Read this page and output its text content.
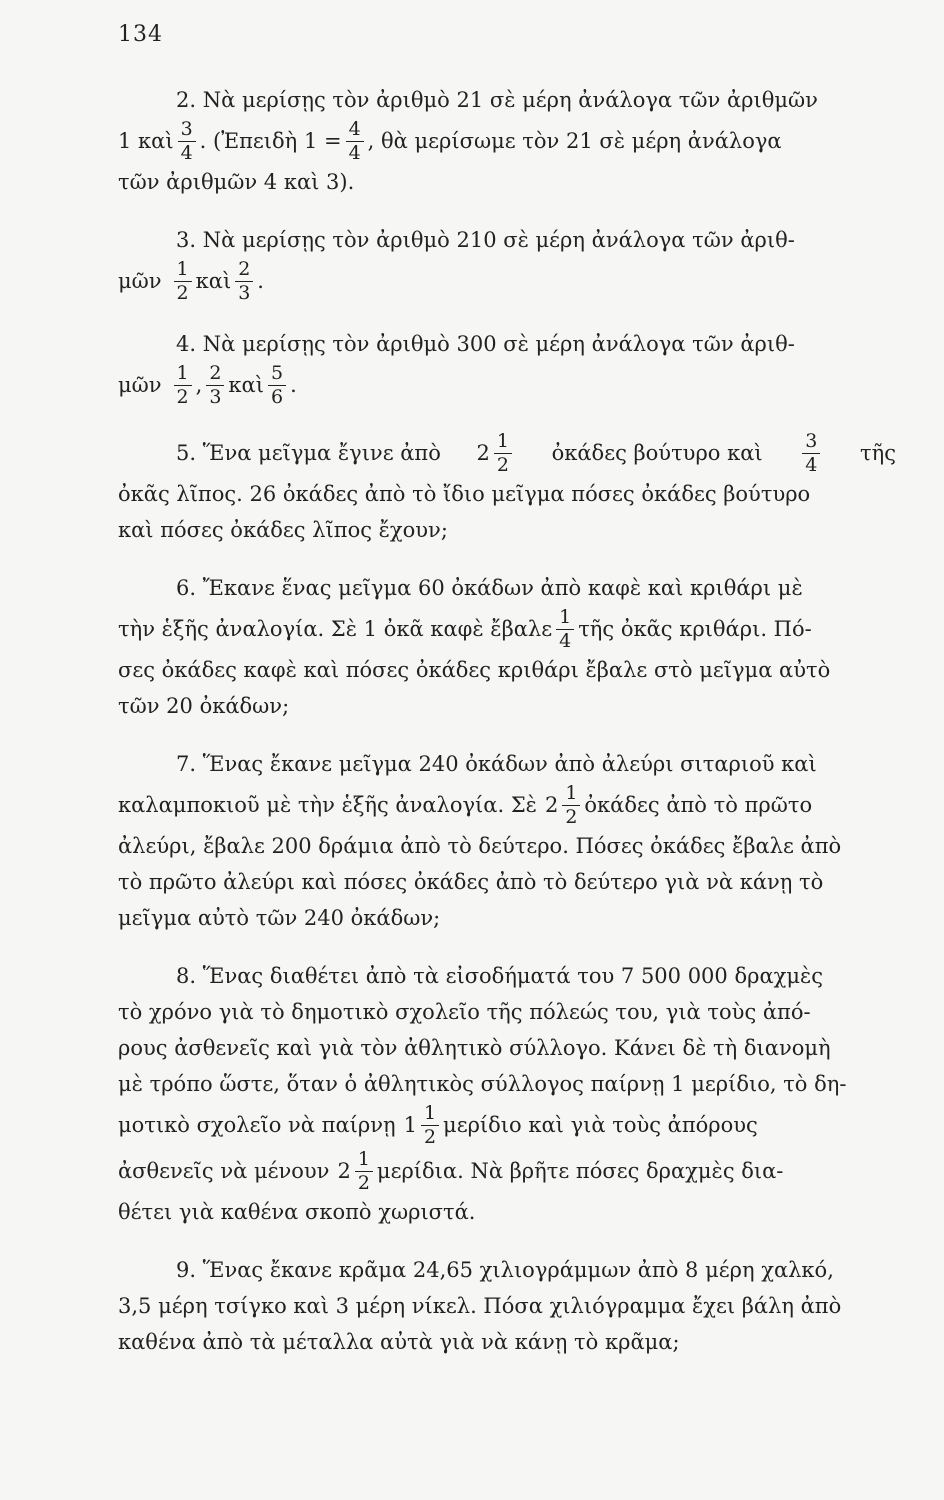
134
2. Νὰ μερίσῃς τὸν ἀριθμὸ 21 σὲ μέρη ἀνάλογα τῶν ἀριθμῶν
1 καὶ $\frac{3}{4}$ . (Ἐπειδὴ $1 = \frac{4}{4}$ , θὰ μερίσωμε τὸν 21 σὲ μέρη ἀνάλογα
τῶν ἀριθμῶν 4 καὶ 3).
3. Νὰ μερίσῃς τὸν ἀριθμὸ 210 σὲ μέρη ἀνάλογα τῶν ἀριθ-
μῶν $\frac{1}{2}$ καὶ $\frac{2}{3}$ .
4. Νὰ μερίσῃς τὸν ἀριθμὸ 300 σὲ μέρη ἀνάλογα τῶν ἀριθ-
μῶν $\frac{1}{2}$ , $\frac{2}{3}$ καὶ $\frac{5}{6}$ .
5. Ἕνα μεῖγμα ἔγινε ἀπὸ $2 \frac{1}{2}$ ὀκάδες βούτυρο καὶ $\frac{3}{4}$ τῆς
ὀκᾶς λῖπος. 26 ὀκάδες ἀπὸ τὸ ἴδιο μεῖγμα πόσες ὀκάδες βούτυρο
καὶ πόσες ὀκάδες λῖπος ἔχουν;
6. Ἔκανε ἕνας μεῖγμα 60 ὀκάδων ἀπὸ καφὲ καὶ κριθάρι μὲ
τὴν ἑξῆς ἀναλογία. Σὲ 1 ὀκᾶ καφὲ ἔβαλε $\frac{1}{4}$ τῆς ὀκᾶς κριθάρι. Πό-
σες ὀκάδες καφὲ καὶ πόσες ὀκάδες κριθάρι ἔβαλε στὸ μεῖγμα αὐτὸ
τῶν 20 ὀκάδων;
7. Ἕνας ἔκανε μεῖγμα 240 ὀκάδων ἀπὸ ἀλεύρι σιταριοῦ καὶ
καλαμποκιοῦ μὲ τὴν ἑξῆς ἀναλογία. Σὲ $2 \frac{1}{2}$ ὀκάδες ἀπὸ τὸ πρῶτο
ἀλεύρι, ἔβαλε 200 δράμια ἀπὸ τὸ δεύτερο. Πόσες ὀκάδες ἔβαλε ἀπὸ
τὸ πρῶτο ἀλεύρι καὶ πόσες ὀκάδες ἀπὸ τὸ δεύτερο γιὰ νὰ κάνῃ τὸ
μεῖγμα αὐτὸ τῶν 240 ὀκάδων;
8. Ἕνας διαθέτει ἀπὸ τὰ εἰσοδήματά του 7 500 000 δραχμὲς
τὸ χρόνο γιὰ τὸ δημοτικὸ σχολεῖο τῆς πόλεώς του, γιὰ τοὺς ἀπό-
ρους ἀσθενεῖς καὶ γιὰ τὸν ἀθλητικὸ σύλλογο. Κάνει δὲ τὴ διανομὴ
μὲ τρόπο ὥστε, ὅταν ὁ ἀθλητικὸς σύλλογος παίρνῃ 1 μερίδιο, τὸ δη-
μοτικὸ σχολεῖο νὰ παίρνῃ $1 \frac{1}{2}$ μερίδιο καὶ γιὰ τοὺς ἀπόρους
ἀσθενεῖς νὰ μένουν $2 \frac{1}{2} \mu\varepsilon\rho ί\delta\iota\alpha$. Νὰ βρῆτε πόσες δραχμὲς δια-
θέτει γιὰ καθένα σκοπὸ χωριστά.
9. Ἕνας ἔκανε κρᾶμα 24,65 χιλιογράμμων ἀπὸ 8 μέρη χαλκό,
3,5 μέρη τσίγκο καὶ 3 μέρη νίκελ. Πόσα χιλιόγραμμα ἔχει βάλη ἀπὸ
καθένα ἀπὸ τὰ μέταλλα αὐτὰ γιὰ νὰ κάνῃ τὸ κρᾶμα;
